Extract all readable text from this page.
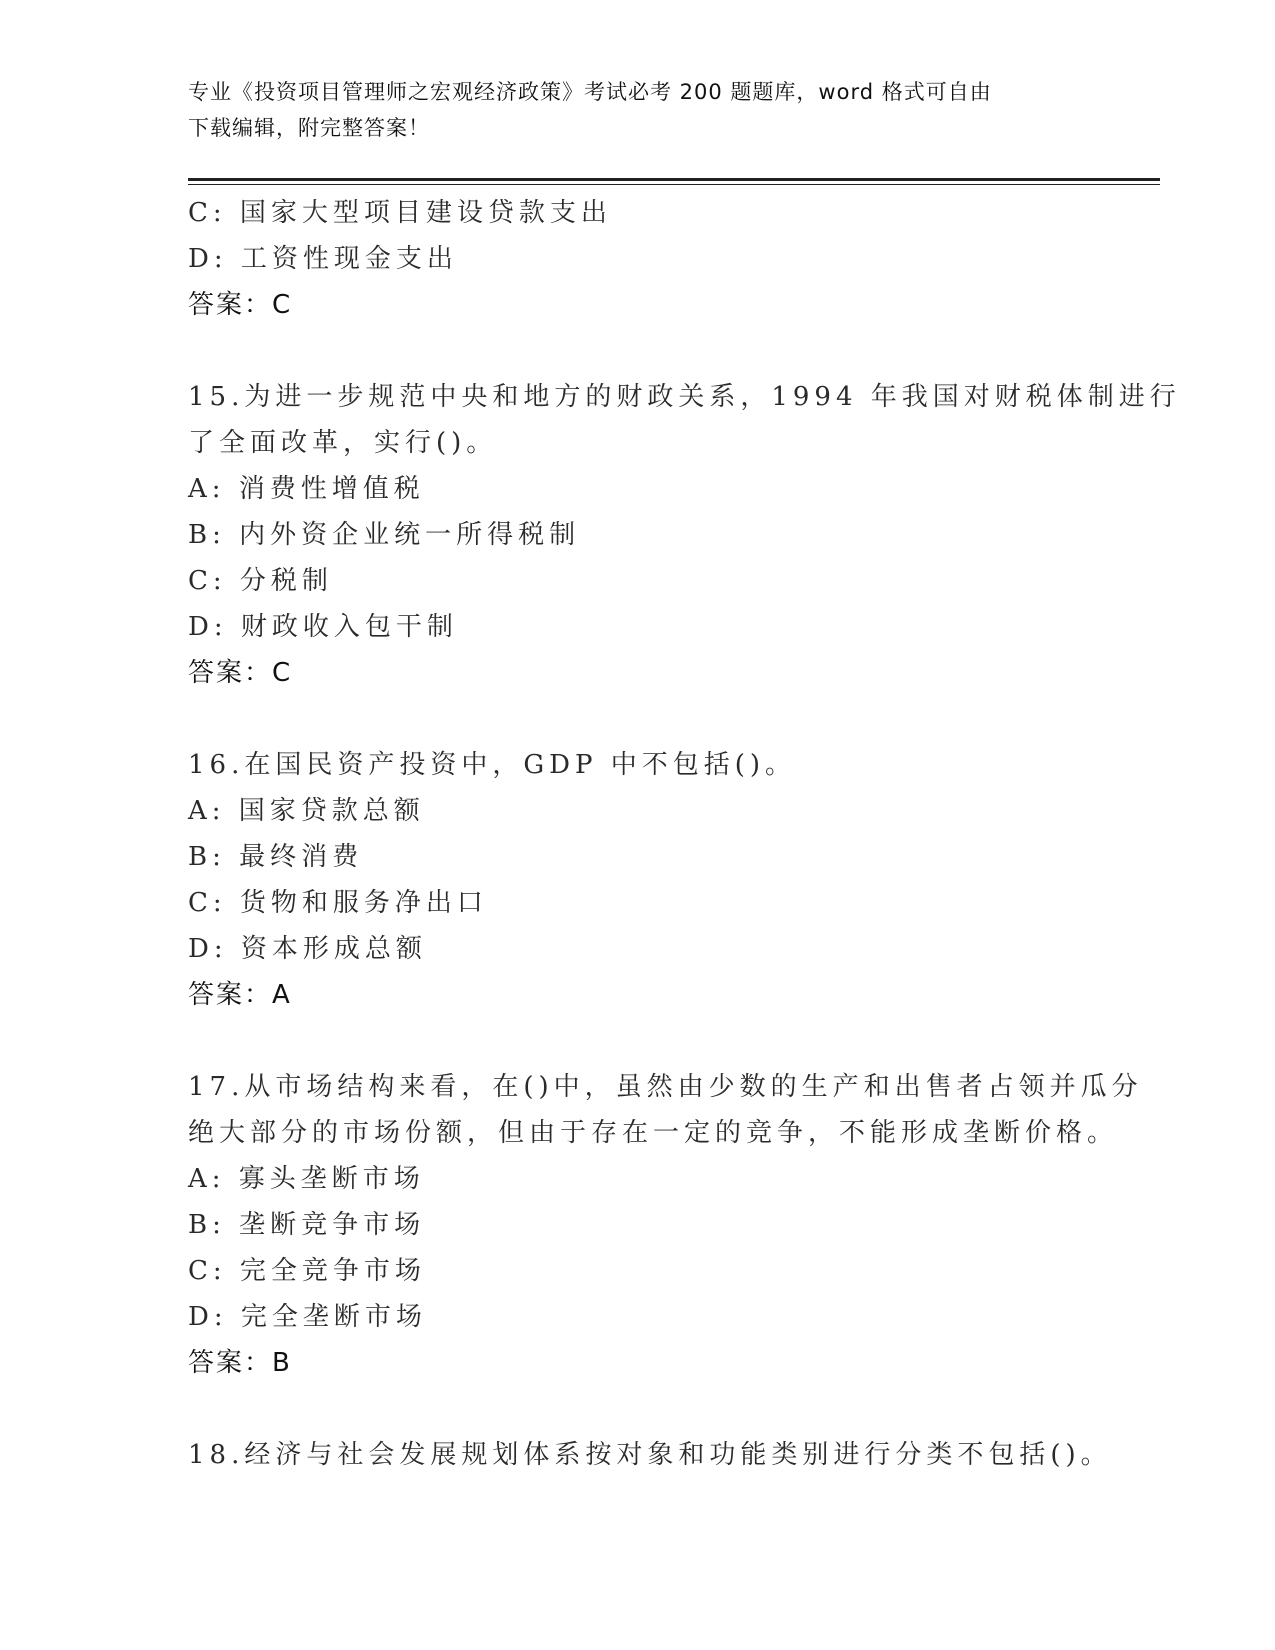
专业《投资项目管理师之宏观经济政策》考试必考 200 题题库，word 格式可自由
下载编辑，附完整答案！
C: 国家大型项目建设贷款支出
D: 工资性现金支出
答案：C
15.为进一步规范中央和地方的财政关系，1994 年我国对财税体制进行
了全面改革，实行()。
A: 消费性增值税
B: 内外资企业统一所得税制
C: 分税制
D: 财政收入包干制
答案：C
16.在国民资产投资中，GDP 中不包括()。
A: 国家贷款总额
B: 最终消费
C: 货物和服务净出口
D: 资本形成总额
答案：A
17.从市场结构来看，在()中，虽然由少数的生产和出售者占领并瓜分
绝大部分的市场份额，但由于存在一定的竞争，不能形成垄断价格。
A: 寡头垄断市场
B: 垄断竞争市场
C: 完全竞争市场
D: 完全垄断市场
答案：B
18.经济与社会发展规划体系按对象和功能类别进行分类不包括()。
